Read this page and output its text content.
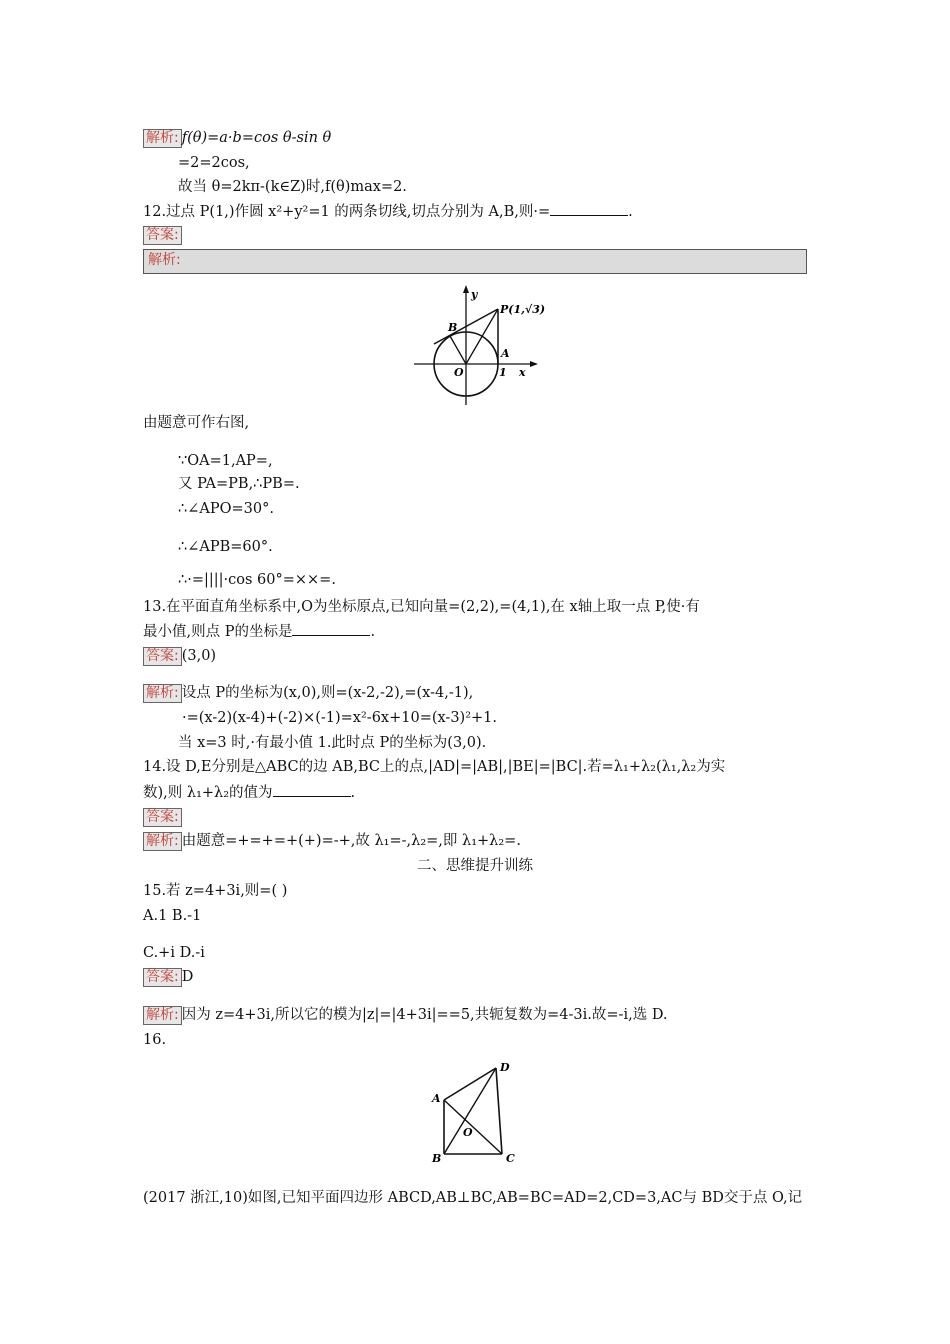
解析: f(θ)=a·b=cos θ-sin θ
=2=2cos,
故当 θ=2kπ-(k∈Z)时,f(θ)max=2.
12.过点 P(1,)作圆 x²+y²=1 的两条切线,切点分别为 A,B,则·=	.
答案:
解析:
P(1,√3)
B
A
O	1 x
y
由题意可作右图,
∵OA=1,AP=,
又 PA=PB,∴PB=.
∴∠APO=30°.
∴∠APB=60°.
∴·=||||·cos 60°=××=.
13.在平面直角坐标系中,O为坐标原点,已知向量=(2,2),=(4,1),在 x轴上取一点 P,使·有
最小值,则点 P的坐标是	.
答案: (3,0)
解析: 设点 P的坐标为(x,0),则=(x-2,-2),=(x-4,-1),
·=(x-2)(x-4)+(-2)×(-1)=x²-6x+10=(x-3)²+1.
当 x=3 时,·有最小值 1.此时点 P的坐标为(3,0).
14.设 D,E分别是△ABC的边 AB,BC上的点,|AD|=|AB|,|BE|=|BC|.若=λ₁+λ₂(λ₁,λ₂为实
数),则 λ₁+λ₂的值为	.
答案:
解析: 由题意=+=+=+(+)=-+,故 λ₁=-,λ₂=,即 λ₁+λ₂=.
二、思维提升训练
15.若 z=4+3i,则=( )
A.1 B.-1
C.+i D.-i
答案: D
解析: 因为 z=4+3i,所以它的模为|z|=|4+3i|==5,共轭复数为=4-3i.故=-i,选 D.
16.
A
B	C
D
O
(2017 浙江,10)如图,已知平面四边形 ABCD,AB⊥BC,AB=BC=AD=2,CD=3,AC与 BD交于点 O,记
